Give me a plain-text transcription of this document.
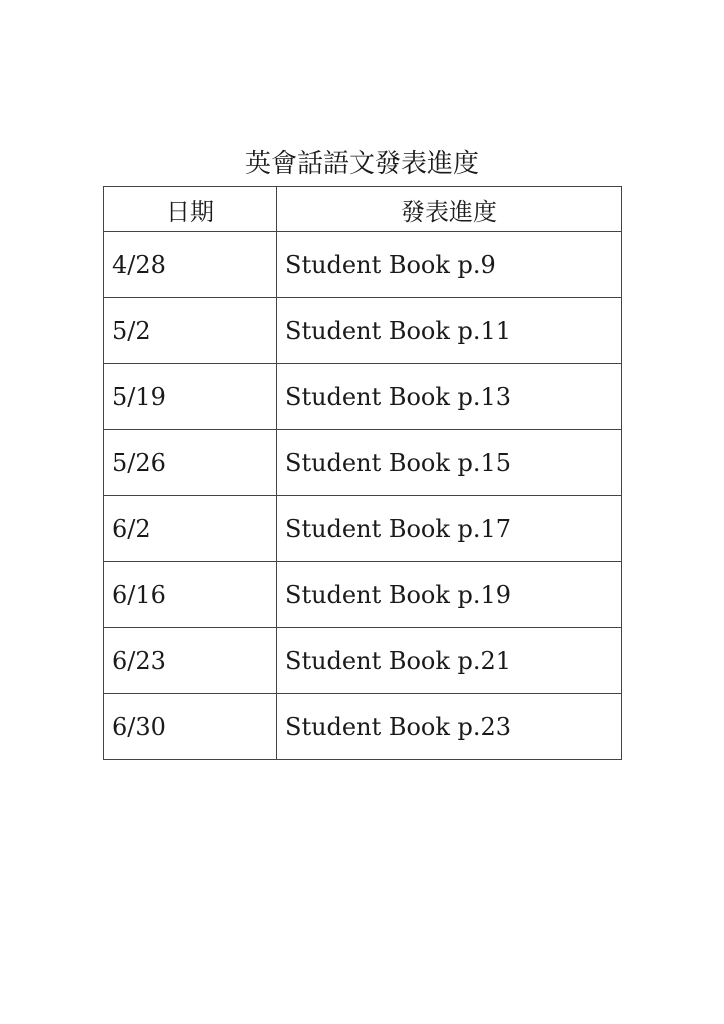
英會話語文發表進度
日期	發表進度
4/28	Student Book p.9
5/2	Student Book p.11
5/19	Student Book p.13
5/26	Student Book p.15
6/2	Student Book p.17
6/16	Student Book p.19
6/23	Student Book p.21
6/30	Student Book p.23
